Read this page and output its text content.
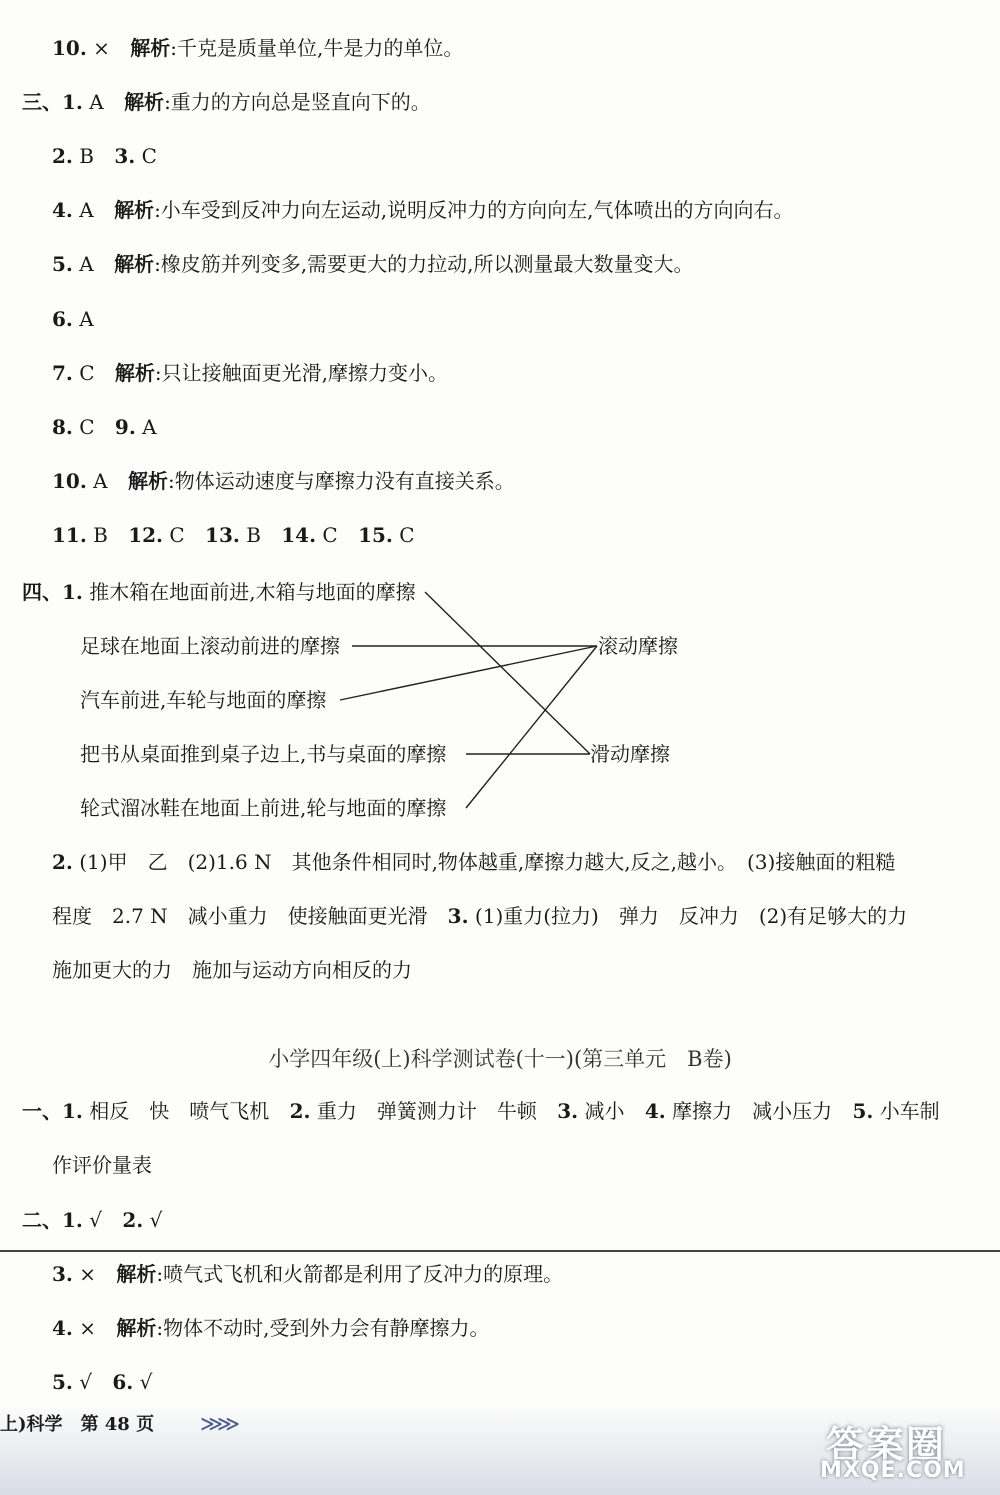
10. × 解析:千克是质量单位,牛是力的单位。
三、1. A 解析:重力的方向总是竖直向下的。
2. B 3. C
4. A 解析:小车受到反冲力向左运动,说明反冲力的方向向左,气体喷出的方向向右。
5. A 解析:橡皮筋并列变多,需要更大的力拉动,所以测量最大数量变大。
6. A
7. C 解析:只让接触面更光滑,摩擦力变小。
8. C 9. A
10. A 解析:物体运动速度与摩擦力没有直接关系。
11. B 12. C 13. B 14. C 15. C
四、1. 推木箱在地面前进,木箱与地面的摩擦
足球在地面上滚动前进的摩擦
汽车前进,车轮与地面的摩擦
把书从桌面推到桌子边上,书与桌面的摩擦
轮式溜冰鞋在地面上前进,轮与地面的摩擦
滚动摩擦
滑动摩擦
2. (1)甲　乙　(2)1.6 N　其他条件相同时,物体越重,摩擦力越大,反之,越小。　(3)接触面的粗糙
程度　2.7 N　减小重力　使接触面更光滑　3. (1)重力(拉力)　弹力　反冲力　(2)有足够大的力
施加更大的力　施加与运动方向相反的力
小学四年级(上)科学测试卷(十一)(第三单元　B卷)
一、1. 相反　快　喷气飞机 2. 重力　弹簧测力计　牛顿 3. 减小 4. 摩擦力　减小压力 5. 小车制
作评价量表
二、1. √ 2. √
3. × 解析:喷气式飞机和火箭都是利用了反冲力的原理。
4. × 解析:物体不动时,受到外力会有静摩擦力。
5. √ 6. √
上)科学　第 48 页 ≫≫	答案圈
MXQE.COM
